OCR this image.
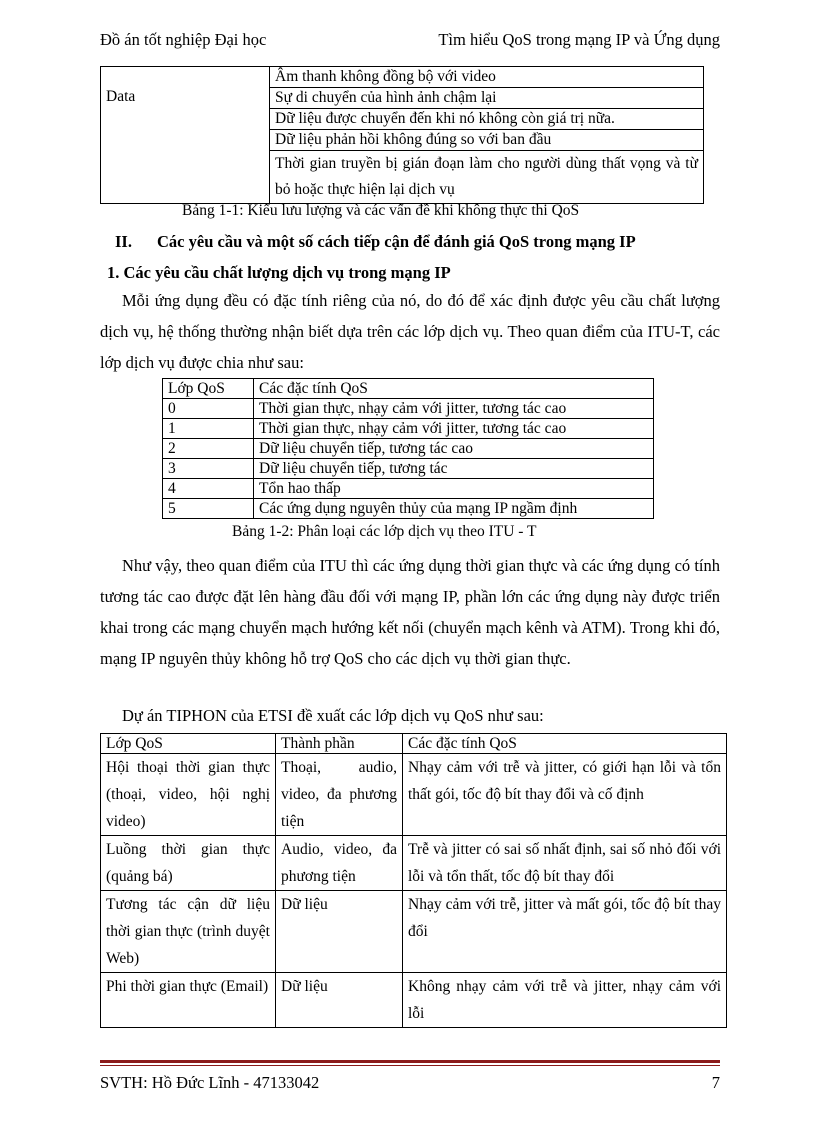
Đồ án tốt nghiệp Đại học	Tìm hiểu QoS trong mạng IP và Ứng dụng
Data	Âm thanh không đồng bộ với video
Sự di chuyển của hình ảnh chậm lại
Dữ liệu được chuyển đến khi nó không còn giá trị nữa.
Dữ liệu phản hồi không đúng so với ban đầu
Thời gian truyền bị gián đoạn làm cho người dùng thất vọng và từ bỏ hoặc thực hiện lại dịch vụ
Bảng 1-1: Kiểu lưu lượng và các vấn đề khi không thực thi QoS
II. Các yêu cầu và một số cách tiếp cận để đánh giá QoS trong mạng IP
1. Các yêu cầu chất lượng dịch vụ trong mạng IP
Mỗi ứng dụng đều có đặc tính riêng của nó, do đó để xác định được yêu cầu chất lượng dịch vụ, hệ thống thường nhận biết dựa trên các lớp dịch vụ. Theo quan điểm của ITU-T, các lớp dịch vụ được chia như sau:
Lớp QoS	Các đặc tính QoS
0	Thời gian thực, nhạy cảm với jitter, tương tác cao
1	Thời gian thực, nhạy cảm với jitter, tương tác cao
2	Dữ liệu chuyển tiếp, tương tác cao
3	Dữ liệu chuyển tiếp, tương tác
4	Tổn hao thấp
5	Các ứng dụng nguyên thủy của mạng IP ngầm định
Bảng 1-2: Phân loại các lớp dịch vụ theo ITU - T
Như vậy, theo quan điểm của ITU thì các ứng dụng thời gian thực và các ứng dụng có tính tương tác cao được đặt lên hàng đầu đối với mạng IP, phần lớn các ứng dụng này được triển khai trong các mạng chuyển mạch hướng kết nối (chuyển mạch kênh và ATM). Trong khi đó, mạng IP nguyên thủy không hỗ trợ QoS cho các dịch vụ thời gian thực.
Dự án TIPHON của ETSI đề xuất các lớp dịch vụ QoS như sau:
Lớp QoS	Thành phần	Các đặc tính QoS
Hội thoại thời gian thực (thoại, video, hội nghị video)	Thoại, audio, video, đa phương tiện	Nhạy cảm với trễ và jitter, có giới hạn lỗi và tổn thất gói, tốc độ bít thay đổi và cố định
Luồng thời gian thực (quảng bá)	Audio, video, đa phương tiện	Trễ và jitter có sai số nhất định, sai số nhỏ đối với lỗi và tổn thất, tốc độ bít thay đổi
Tương tác cận dữ liệu thời gian thực (trình duyệt Web)	Dữ liệu	Nhạy cảm với trễ, jitter và mất gói, tốc độ bít thay đổi
Phi thời gian thực (Email)	Dữ liệu	Không nhạy cảm với trễ và jitter, nhạy cảm với lỗi
SVTH: Hồ Đức Lĩnh - 47133042	7
